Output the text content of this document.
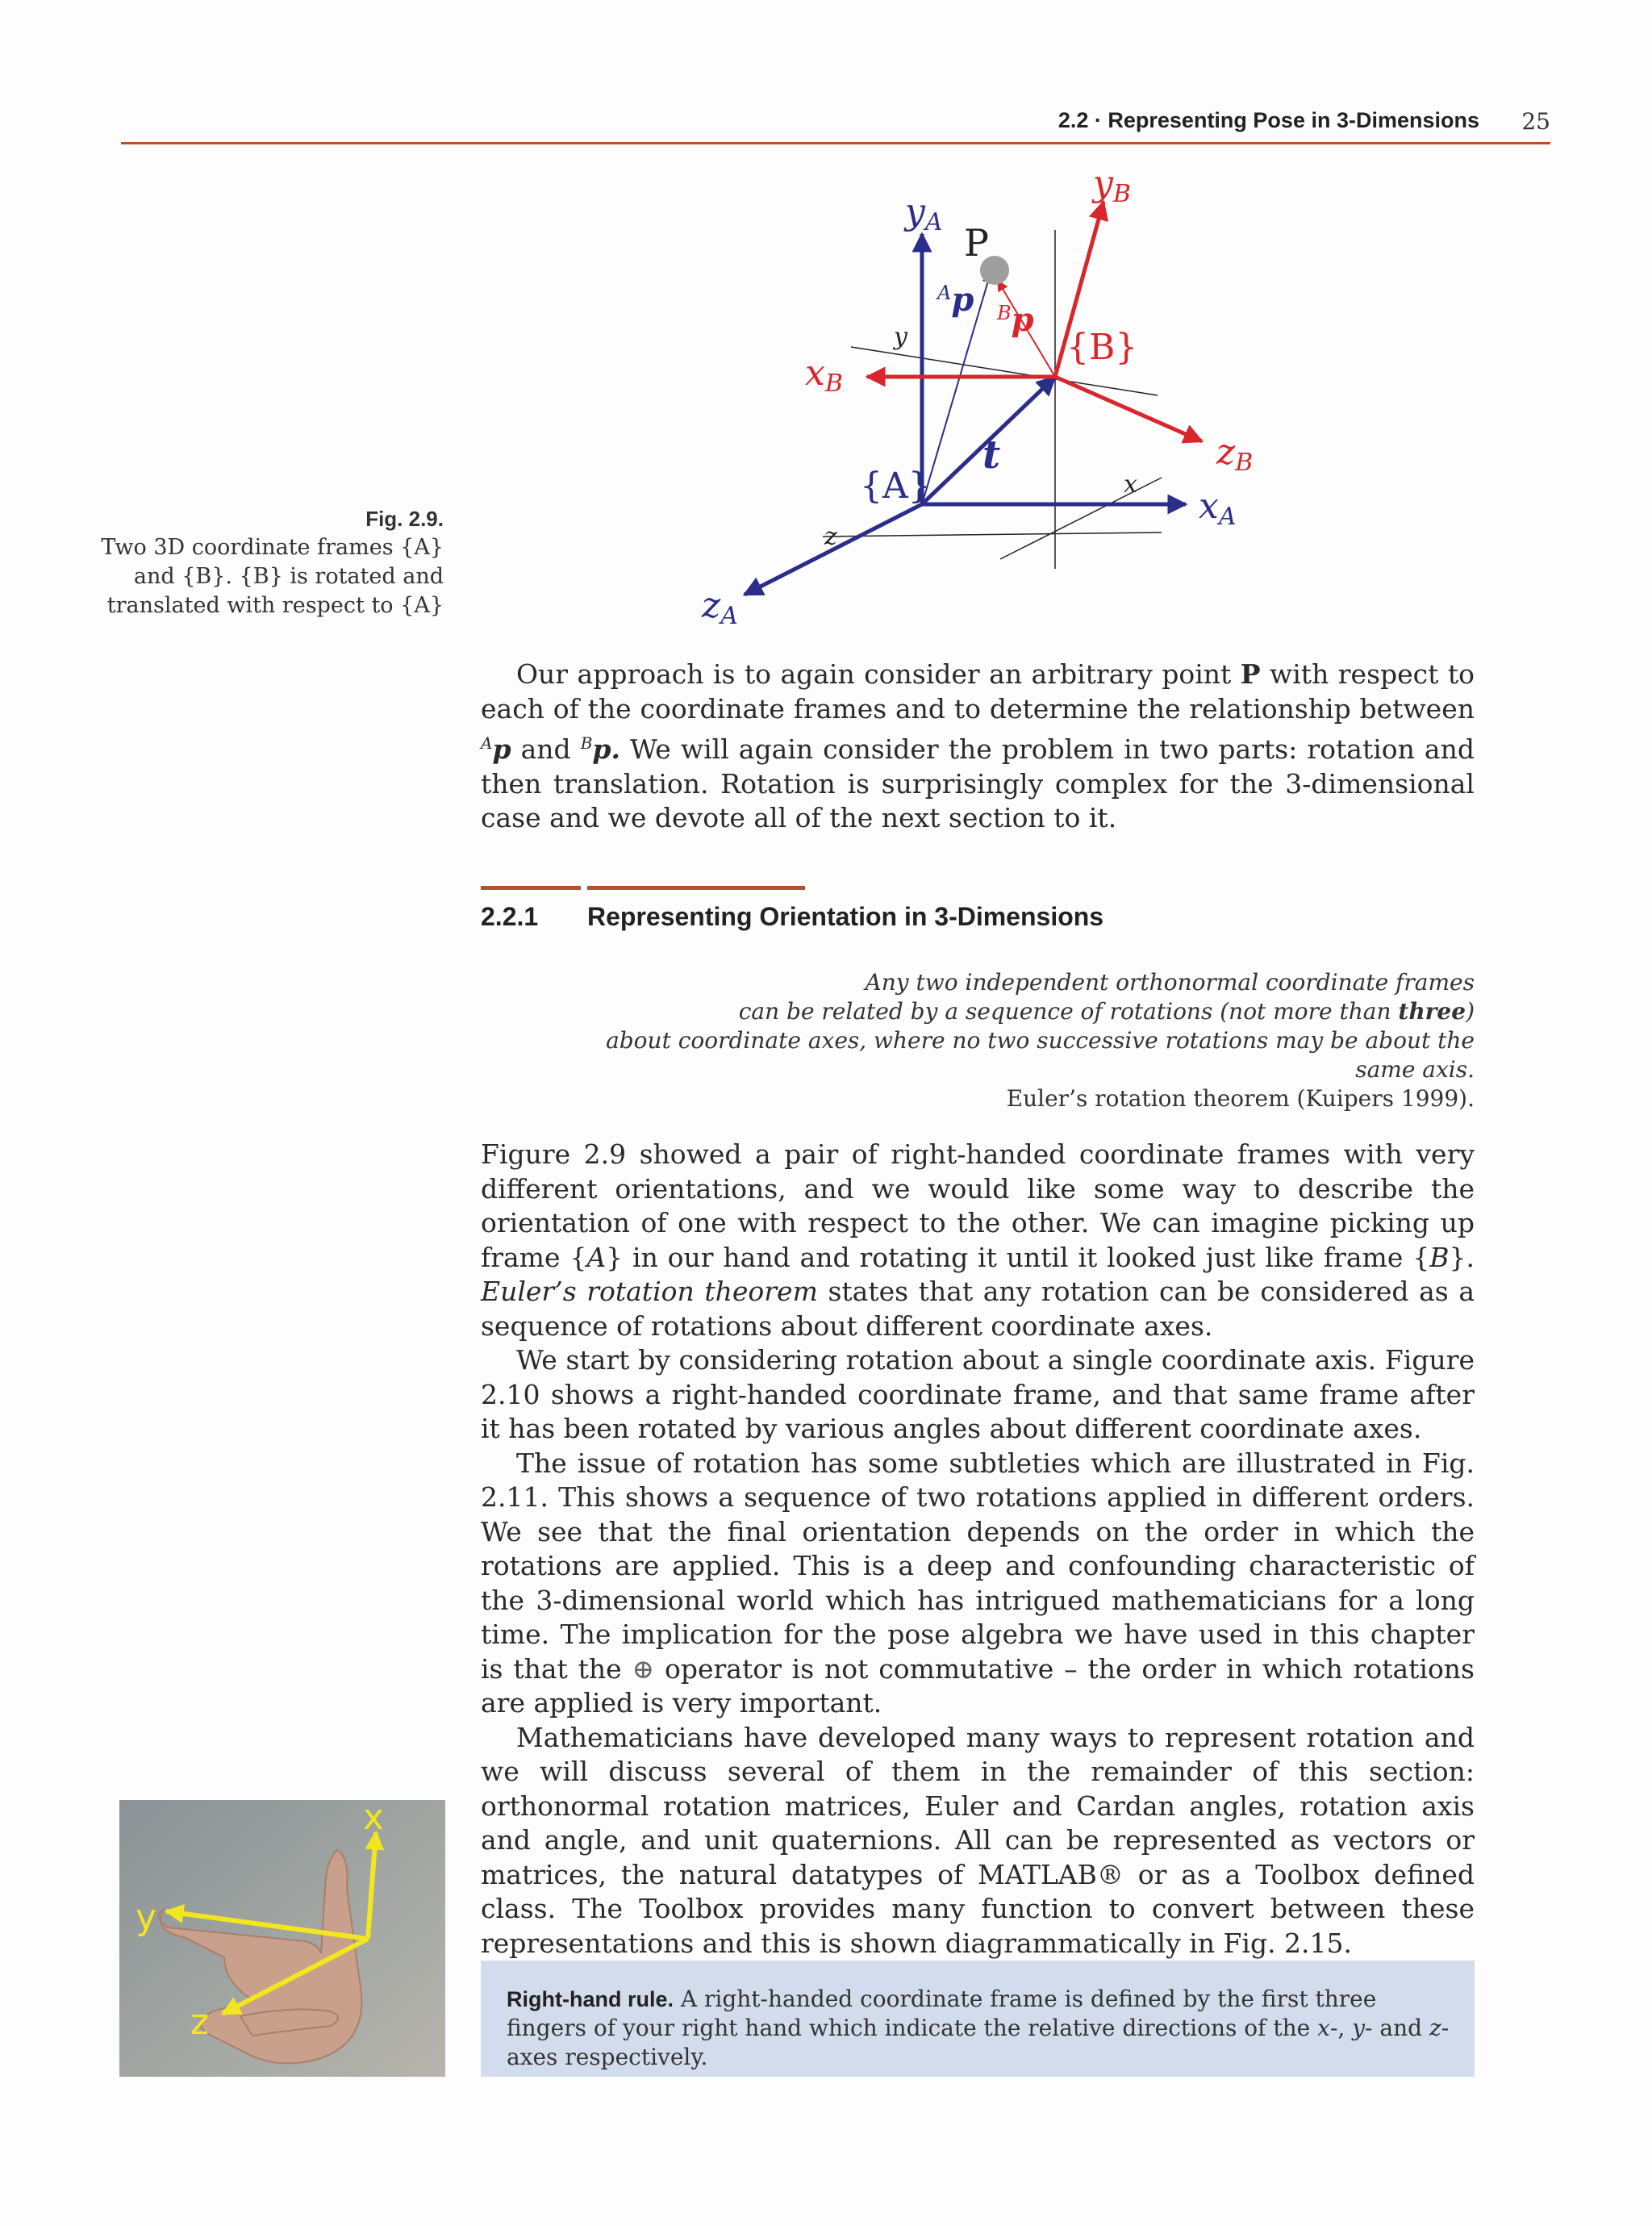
2.2 · Representing Pose in 3-Dimensions 25
Fig. 2.9.
Two 3D coordinate frames {A}
and {B}. {B} is rotated and
translated with respect to {A}
yA
xA
zA
{A}
t
$^A$p
yB
xB
zB
{B}
$^B$p
P
y
x
z

Our approach is to again consider an arbitrary point P with respect to each of the coordinate frames and to determine the relationship between $^A$p and $^B$p. We will again consider the problem in two parts: rotation and then translation. Rotation is surprisingly complex for the 3-dimensional case and we devote all of the next section to it.

2.2.1 Representing Orientation in 3-Dimensions
Any two independent orthonormal coordinate frames
can be related by a sequence of rotations (not more than three)
about coordinate axes, where no two successive rotations may be about the same axis.
Euler’s rotation theorem (Kuipers 1999).

Figure 2.9 showed a pair of right-handed coordinate frames with very different orientations, and we would like some way to describe the orientation of one with respect to the other. We can imagine picking up frame {A} in our hand and rotating it until it looked just like frame {B}. Euler’s rotation theorem states that any rotation can be considered as a sequence of rotations about different coordinate axes.

We start by considering rotation about a single coordinate axis. Figure 2.10 shows a right-handed coordinate frame, and that same frame after it has been rotated by various angles about different coordinate axes.

The issue of rotation has some subtleties which are illustrated in Fig. 2.11. This shows a sequence of two rotations applied in different orders. We see that the final orientation depends on the order in which the rotations are applied. This is a deep and confounding characteristic of the 3-dimensional world which has intrigued mathematicians for a long time. The implication for the pose algebra we have used in this chapter is that the ⊕ operator is not commutative – the order in which rotations are applied is very important.

Mathematicians have developed many ways to represent rotation and we will discuss several of them in the remainder of this section: orthonormal rotation matrices, Euler and Cardan angles, rotation axis and angle, and unit quaternions. All can be represented as vectors or matrices, the natural datatypes of MATLAB® or as a Toolbox defined class. The Toolbox provides many function to convert between these representations and this is shown diagrammatically in Fig. 2.15.

x
y
z
Right-hand rule. A right-handed coordinate frame is defined by the first three fingers of your right hand which indicate the relative directions of the x-, y- and z-axes respectively.
